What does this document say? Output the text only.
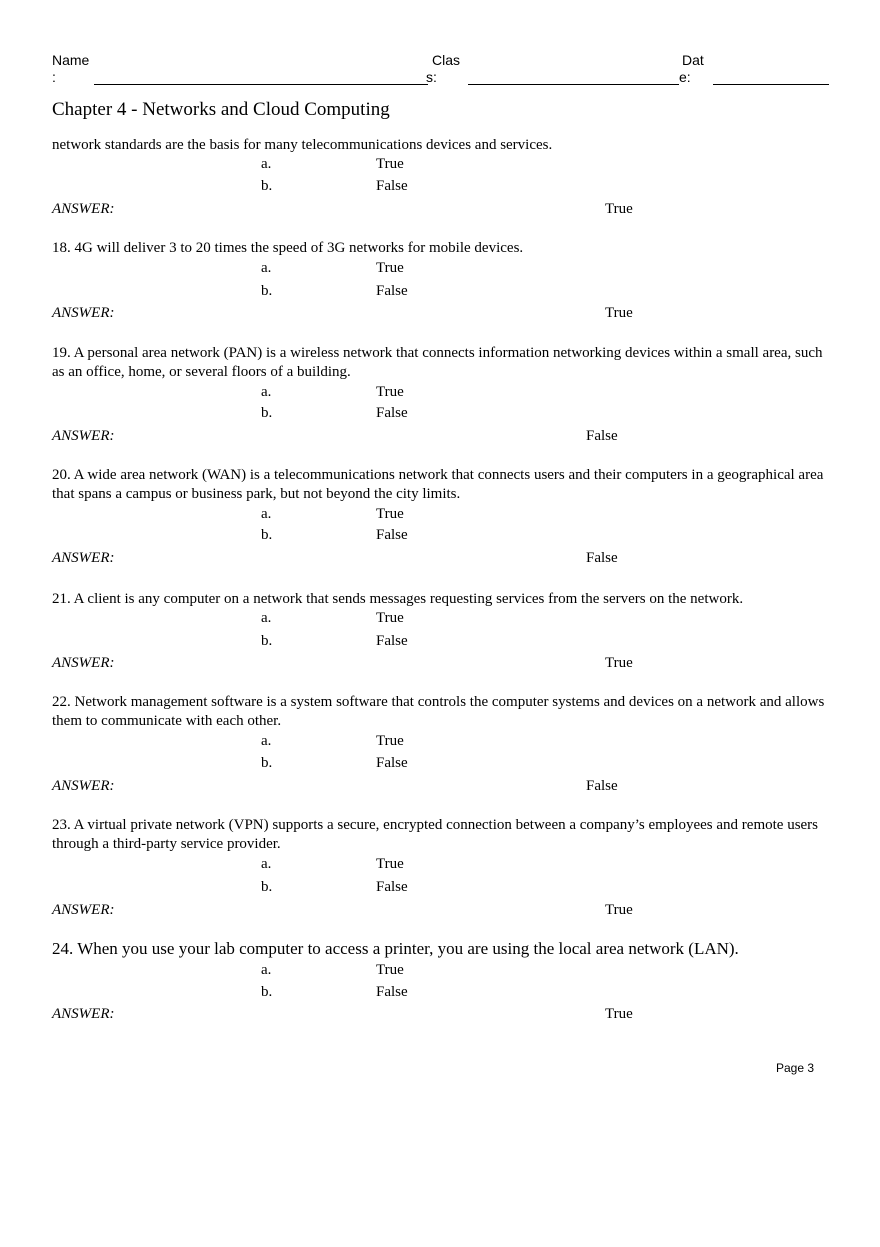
Name
:
Clas
s:
Dat
e:
Chapter 4 - Networks and Cloud Computing
network standards are the basis for many telecommunications devices and services.
a.	True
b.	False
ANSWER:	True
18. 4G will deliver 3 to 20 times the speed of 3G networks for mobile devices.
a.	True
b.	False
ANSWER:	True
19. A personal area network (PAN) is a wireless network that connects information networking devices within a small area, such as an office, home, or several floors of a building.
a.	True
b.	False
ANSWER:	False
20. A wide area network (WAN) is a telecommunications network that connects users and their computers in a geographical area that spans a campus or business park, but not beyond the city limits.
a.	True
b.	False
ANSWER:	False
21. A client is any computer on a network that sends messages requesting services from the servers on the network.
a.	True
b.	False
ANSWER:	True
22. Network management software is a system software that controls the computer systems and devices on a network and allows them to communicate with each other.
a.	True
b.	False
ANSWER:	False
23. A virtual private network (VPN) supports a secure, encrypted connection between a company’s employees and remote users through a third-party service provider.
a.	True
b.	False
ANSWER:	True
24. When you use your lab computer to access a printer, you are using the local area network (LAN).
a.	True
b.	False
ANSWER:	True
Page 3
